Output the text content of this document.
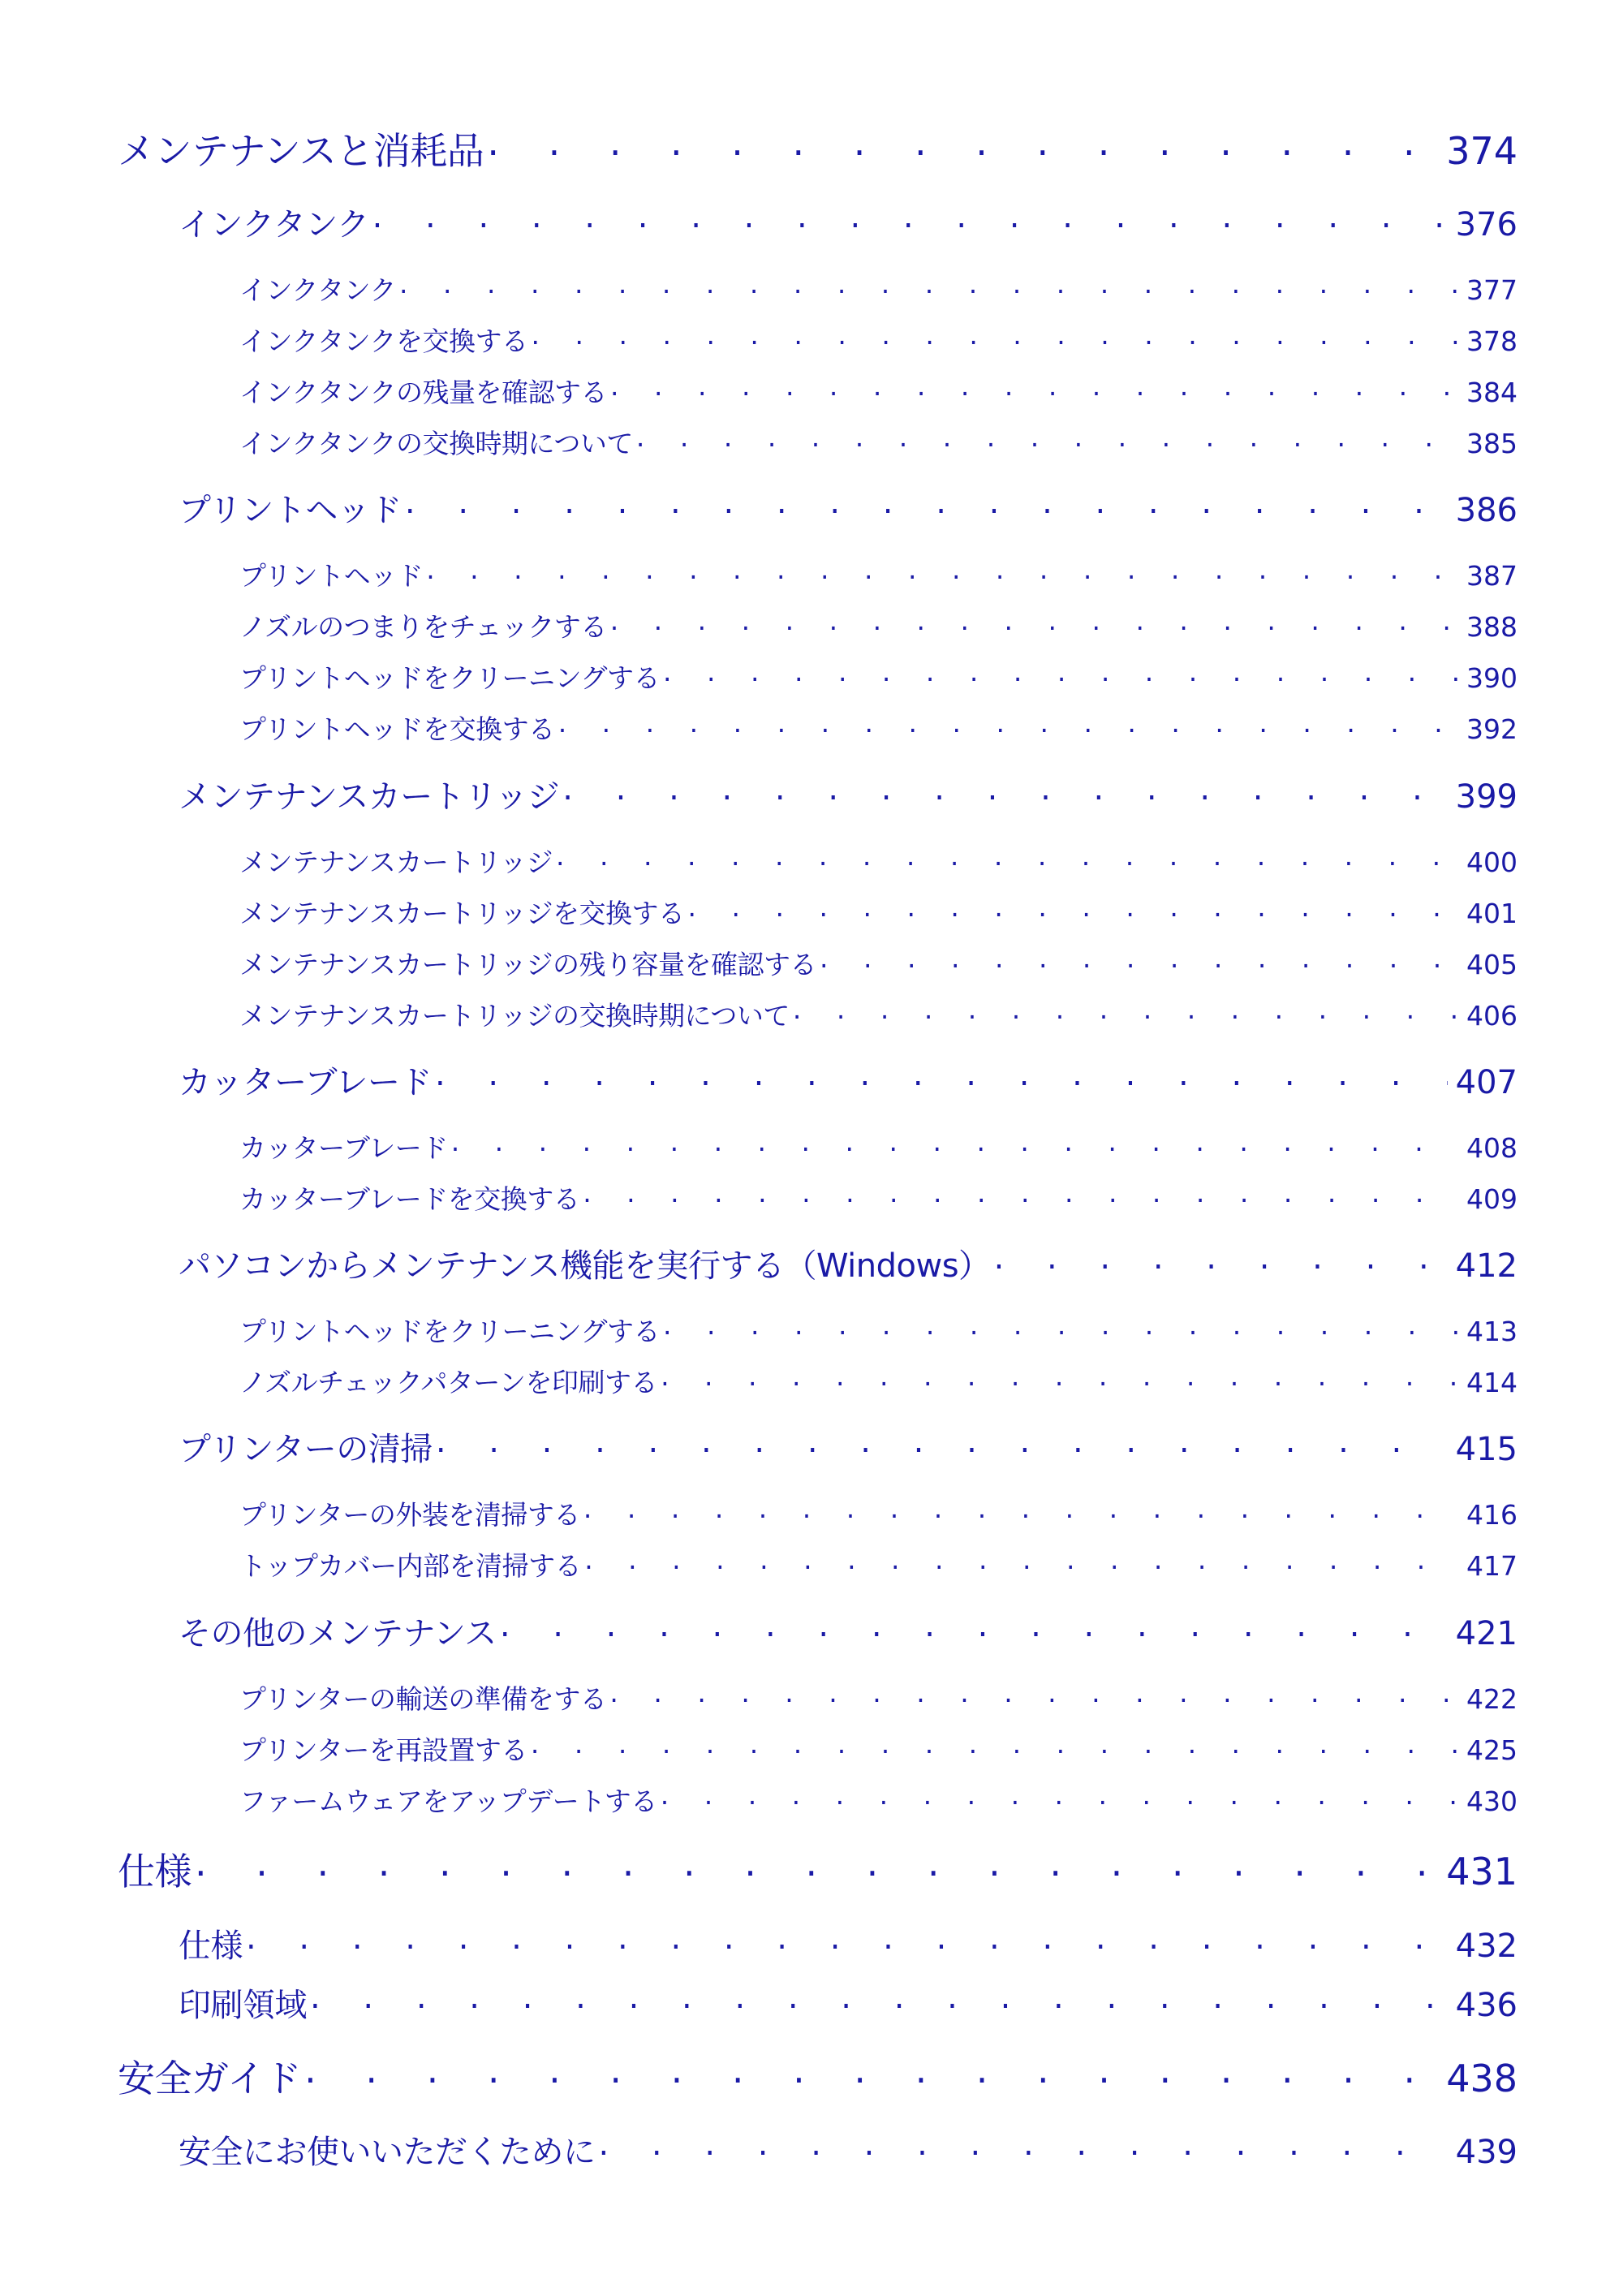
メンテナンスと消耗品 . . .	374
インクタンク . . .	376
インクタンク . . .	377
インクタンクを交換する . . .	378
インクタンクの残量を確認する . . .	384
インクタンクの交換時期について . . .	385
プリントヘッド . . .	386
プリントヘッド . . .	387
ノズルのつまりをチェックする . . .	388
プリントヘッドをクリーニングする . . .	390
プリントヘッドを交換する . . .	392
メンテナンスカートリッジ . . .	399
メンテナンスカートリッジ . . .	400
メンテナンスカートリッジを交換する . . .	401
メンテナンスカートリッジの残り容量を確認する . . .	405
メンテナンスカートリッジの交換時期について . . .	406
カッターブレード . . .	407
カッターブレード . . .	408
カッターブレードを交換する . . .	409
パソコンからメンテナンス機能を実行する（Windows） . . .	412
プリントヘッドをクリーニングする . . .	413
ノズルチェックパターンを印刷する . . .	414
プリンターの清掃 . . .	415
プリンターの外装を清掃する . . .	416
トップカバー内部を清掃する . . .	417
その他のメンテナンス . . .	421
プリンターの輸送の準備をする . . .	422
プリンターを再設置する . . .	425
ファームウェアをアップデートする . . .	430
仕様 . . .	431
仕様 . . .	432
印刷領域 . . .	436
安全ガイド . . .	438
安全にお使いいただくために . . .	439
